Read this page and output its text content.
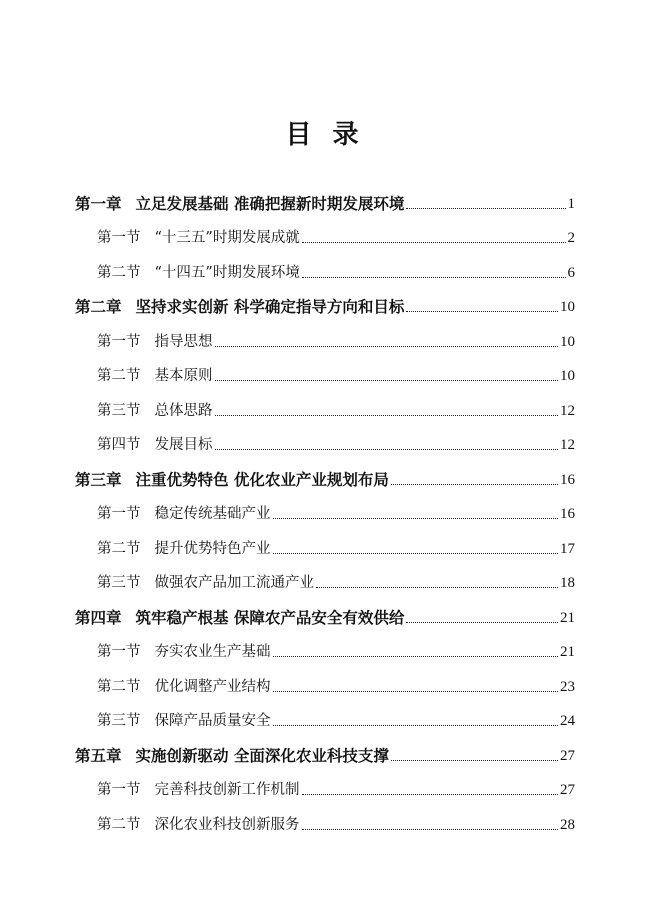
目 录
第一章 立足发展基础 准确把握新时期发展环境	1
第一节 “十三五”时期发展成就	2
第二节 “十四五”时期发展环境	6
第二章 坚持求实创新 科学确定指导方向和目标	10
第一节 指导思想	10
第二节 基本原则	10
第三节 总体思路	12
第四节 发展目标	12
第三章 注重优势特色 优化农业产业规划布局	16
第一节 稳定传统基础产业	16
第二节 提升优势特色产业	17
第三节 做强农产品加工流通产业	18
第四章 筑牢稳产根基 保障农产品安全有效供给	21
第一节 夯实农业生产基础	21
第二节 优化调整产业结构	23
第三节 保障产品质量安全	24
第五章 实施创新驱动 全面深化农业科技支撑	27
第一节 完善科技创新工作机制	27
第二节 深化农业科技创新服务	28
